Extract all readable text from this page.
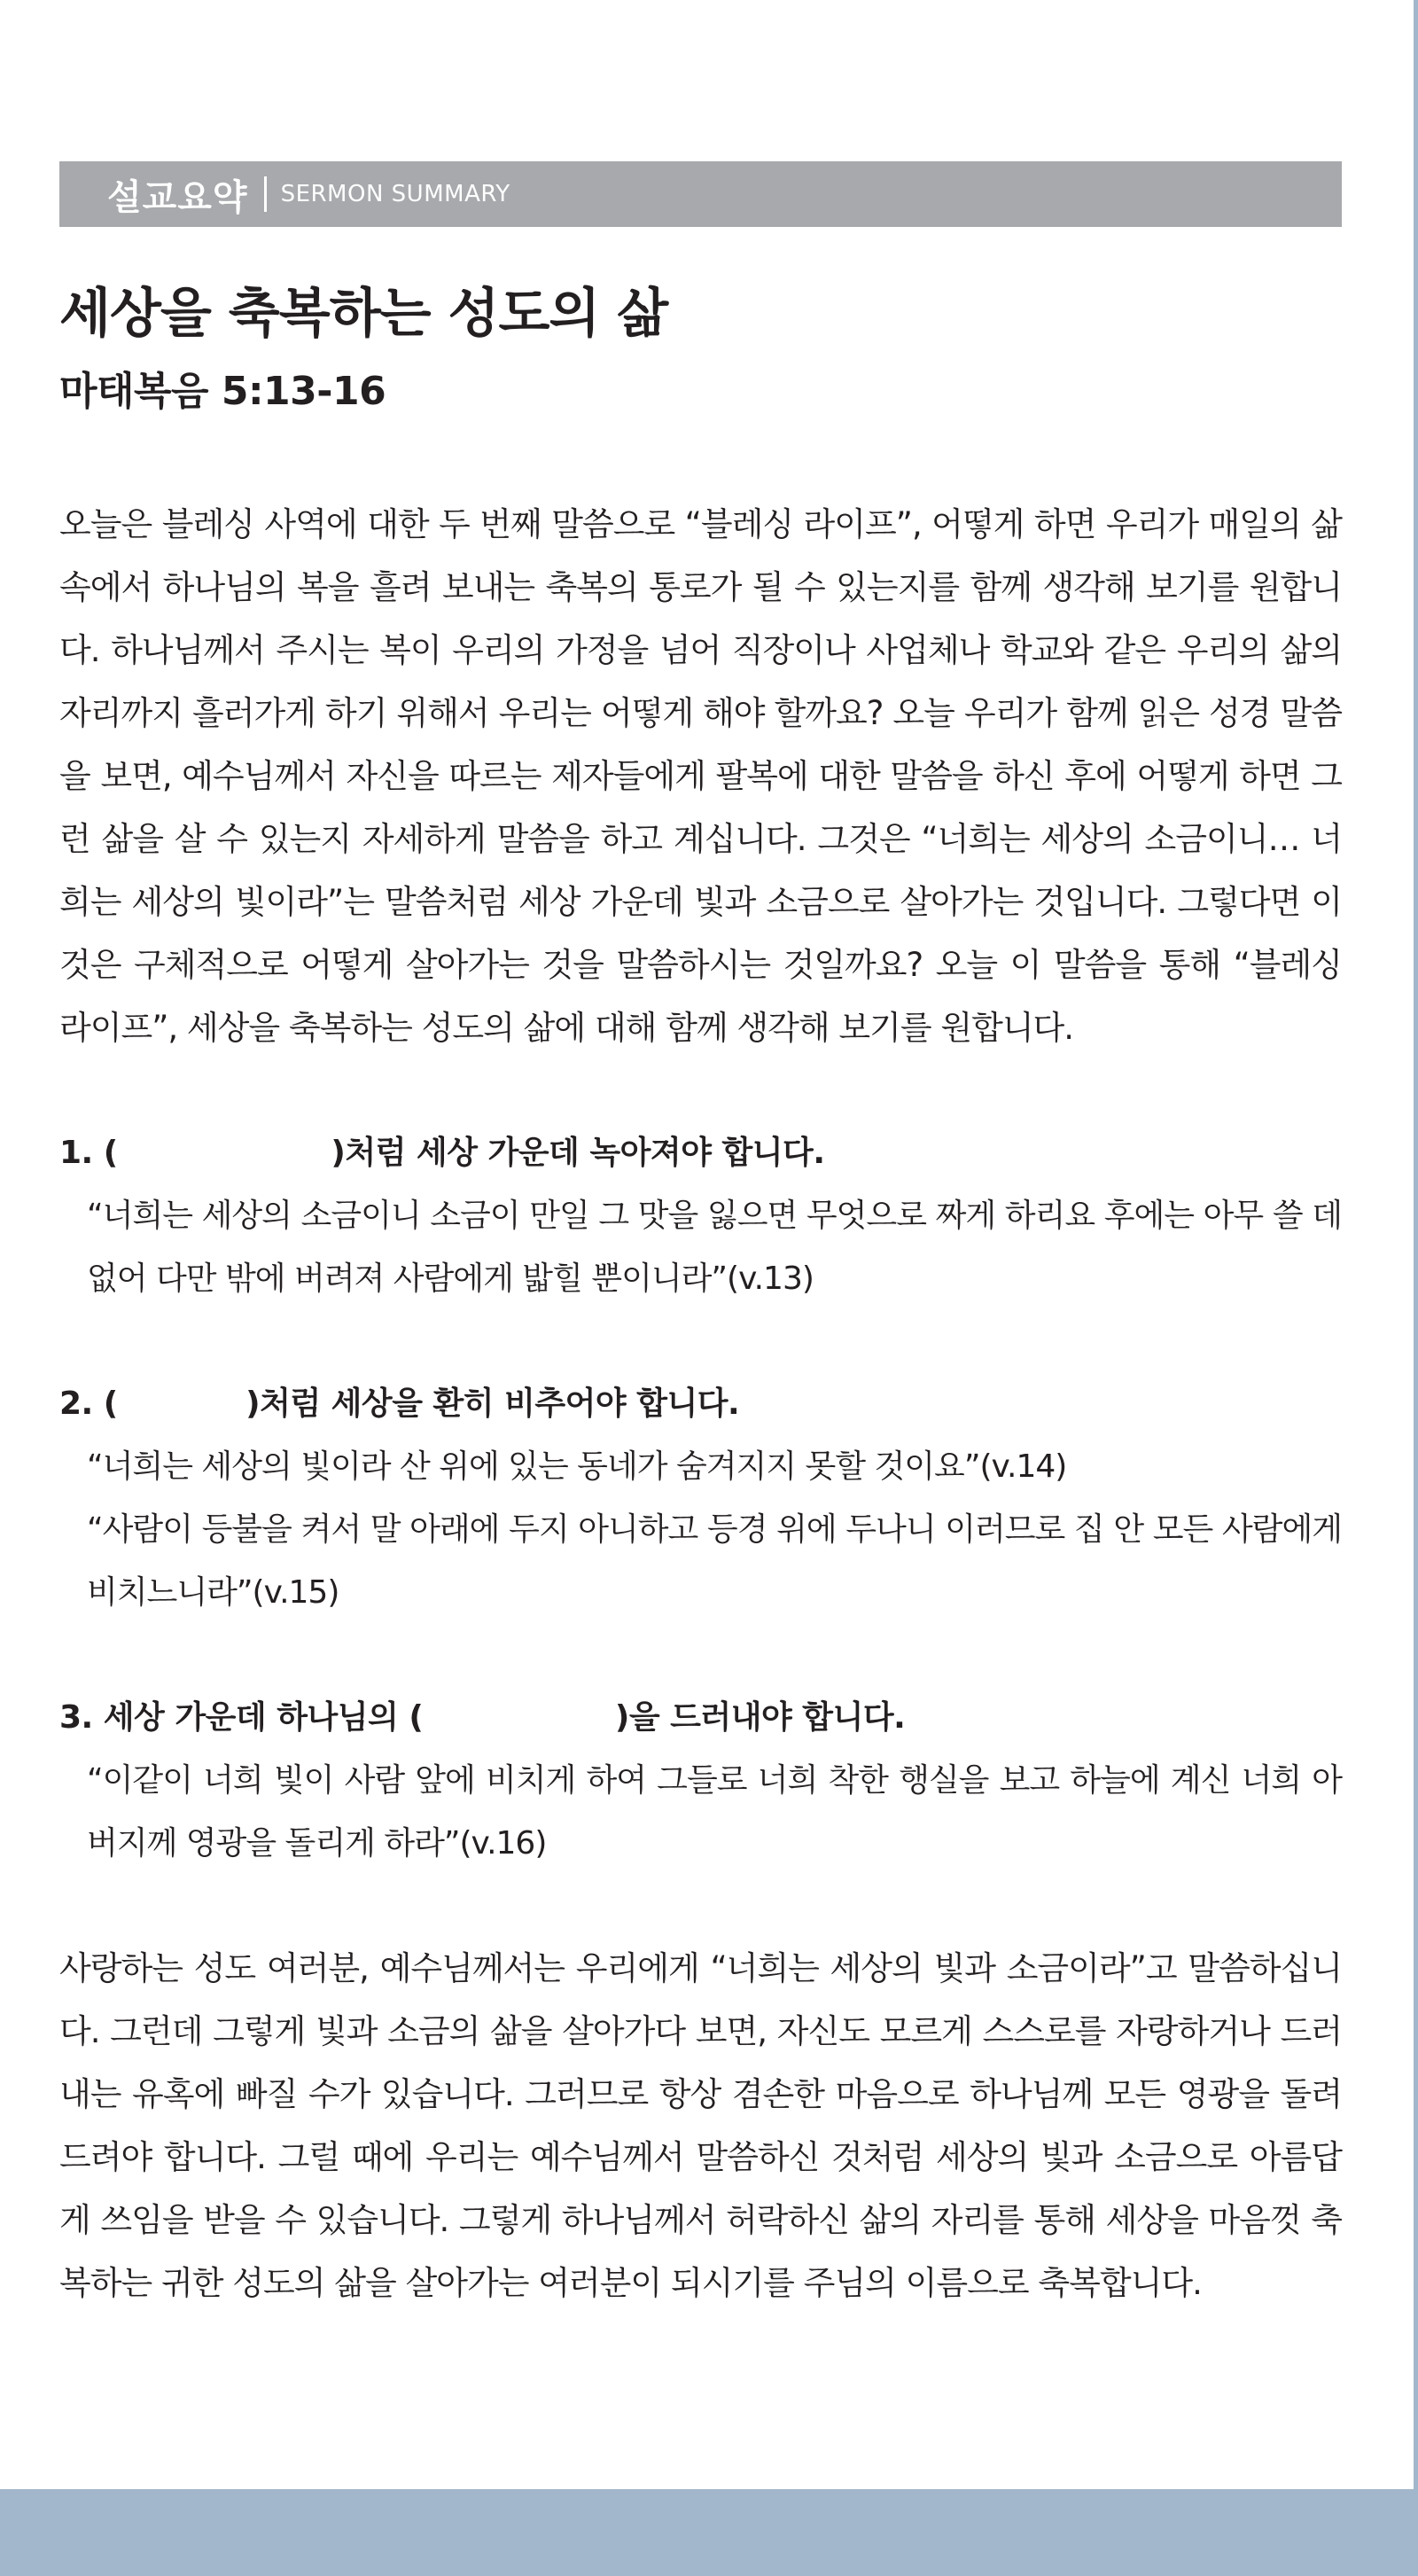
설교요약 SERMON SUMMARY
세상을 축복하는 성도의 삶
마태복음 5:13-16

오늘은 블레싱 사역에 대한 두 번째 말씀으로 “블레싱 라이프”, 어떻게 하면 우리가 매일의 삶 속에서 하나님의 복을 흘려 보내는 축복의 통로가 될 수 있는지를 함께 생각해 보기를 원합니다. 하나님께서 주시는 복이 우리의 가정을 넘어 직장이나 사업체나 학교와 같은 우리의 삶의 자리까지 흘러가게 하기 위해서 우리는 어떻게 해야 할까요? 오늘 우리가 함께 읽은 성경 말씀을 보면, 예수님께서 자신을 따르는 제자들에게 팔복에 대한 말씀을 하신 후에 어떻게 하면 그런 삶을 살 수 있는지 자세하게 말씀을 하고 계십니다. 그것은 “너희는 세상의 소금이니… 너희는 세상의 빛이라”는 말씀처럼 세상 가운데 빛과 소금으로 살아가는 것입니다. 그렇다면 이것은 구체적으로 어떻게 살아가는 것을 말씀하시는 것일까요? 오늘 이 말씀을 통해 “블레싱 라이프”, 세상을 축복하는 성도의 삶에 대해 함께 생각해 보기를 원합니다.

1. (                    )처럼 세상 가운데 녹아져야 합니다.

“너희는 세상의 소금이니 소금이 만일 그 맛을 잃으면 무엇으로 짜게 하리요 후에는 아무 쓸 데 없어 다만 밖에 버려져 사람에게 밟힐 뿐이니라”(v.13)

2. (            )처럼 세상을 환히 비추어야 합니다.

“너희는 세상의 빛이라 산 위에 있는 동네가 숨겨지지 못할 것이요”(v.14)

“사람이 등불을 켜서 말 아래에 두지 아니하고 등경 위에 두나니 이러므로 집 안 모든 사람에게 비치느니라”(v.15)

3. 세상 가운데 하나님의 (                  )을 드러내야 합니다.

“이같이 너희 빛이 사람 앞에 비치게 하여 그들로 너희 착한 행실을 보고 하늘에 계신 너희 아버지께 영광을 돌리게 하라”(v.16)

사랑하는 성도 여러분, 예수님께서는 우리에게 “너희는 세상의 빛과 소금이라”고 말씀하십니다. 그런데 그렇게 빛과 소금의 삶을 살아가다 보면, 자신도 모르게 스스로를 자랑하거나 드러내는 유혹에 빠질 수가 있습니다. 그러므로 항상 겸손한 마음으로 하나님께 모든 영광을 돌려 드려야 합니다. 그럴 때에 우리는 예수님께서 말씀하신 것처럼 세상의 빛과 소금으로 아름답게 쓰임을 받을 수 있습니다. 그렇게 하나님께서 허락하신 삶의 자리를 통해 세상을 마음껏 축복하는 귀한 성도의 삶을 살아가는 여러분이 되시기를 주님의 이름으로 축복합니다.
